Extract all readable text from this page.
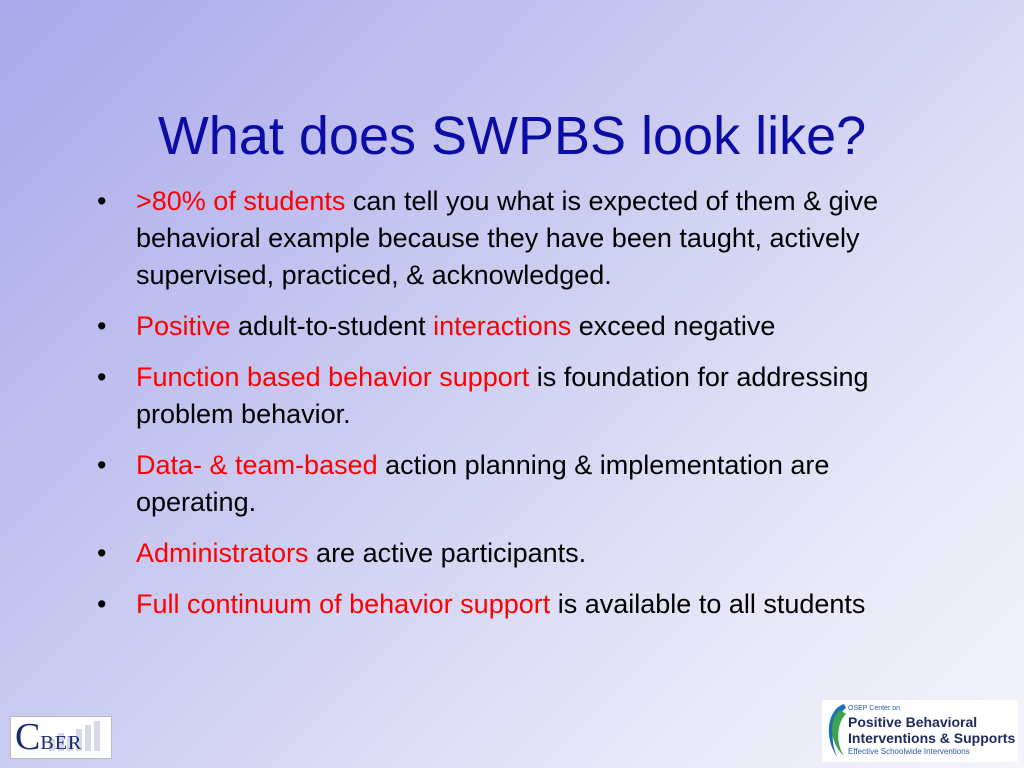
What does SWPBS look like?
•	>80% of students can tell you what is expected of them & give behavioral example because they have been taught, actively supervised, practiced, & acknowledged.
•	Positive adult-to-student interactions exceed negative
•	Function based behavior support is foundation for addressing problem behavior.
•	Data- & team-based action planning & implementation are operating.
•	Administrators are active participants.
•	Full continuum of behavior support is available to all students
CBER
OSEP Center on
Positive Behavioral
Interventions & Supports
Effective Schoolwide Interventions
